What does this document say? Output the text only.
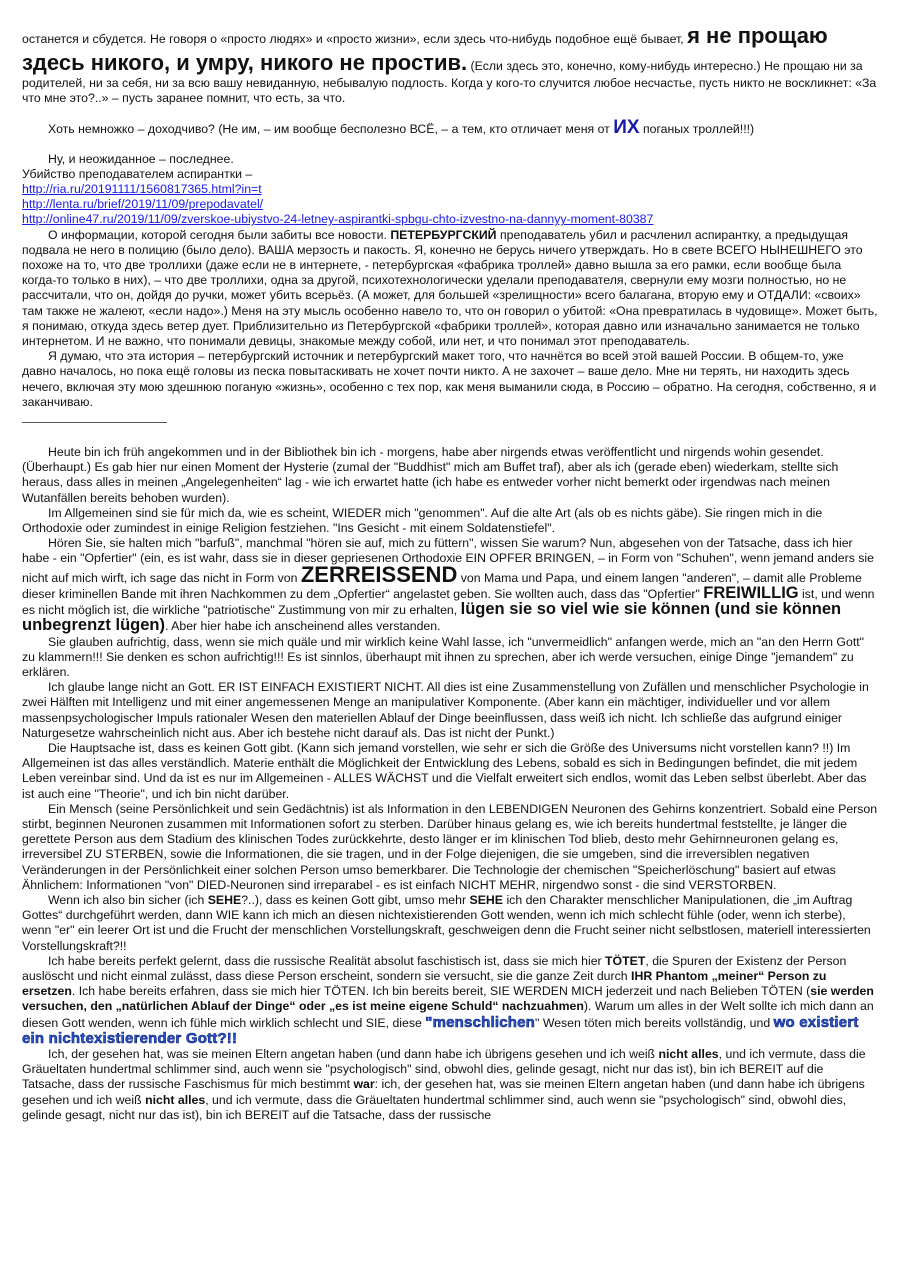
останется и сбудется. Не говоря о «просто людях» и «просто жизни», если здесь что-нибудь подобное ещё бывает, я не прощаю здесь никого, и умру, никого не простив. (Если здесь это, конечно, кому-нибудь интересно.) Не прощаю ни за родителей, ни за себя, ни за всю вашу невиданную, небывалую подлость. Когда у кого-то случится любое несчастье, пусть никто не воскликнет: «За что мне это?..» – пусть заранее помнит, что есть, за что.

Хоть немножко – доходчиво? (Не им, – им вообще бесполезно ВСЁ, – а тем, кто отличает меня от ИХ поганых троллей!!!)

Ну, и неожиданное – последнее.

Убийство преподавателем аспирантки –

http://ria.ru/20191111/1560817365.html?in=t

http://lenta.ru/brief/2019/11/09/prepodavatel/

http://online47.ru/2019/11/09/zverskoe-ubiystvo-24-letney-aspirantki-spbgu-chto-izvestno-na-dannyy-moment-80387

О информации, которой сегодня были забиты все новости. ПЕТЕРБУРГСКИЙ преподаватель убил и расчленил аспирантку, а предыдущая подвала не него в полицию (было дело). ВАША мерзость и пакость. Я, конечно не берусь ничего утверждать. Но в свете ВСЕГО НЫНЕШНЕГО это похоже на то, что две троллихи (даже если не в интернете, - петербургская «фабрика троллей» давно вышла за его рамки, если вообще была когда-то только в них), – что две троллихи, одна за другой, психотехнологически уделали преподавателя, свернули ему мозги полностью, но не рассчитали, что он, дойдя до ручки, может убить всерьёз. (А может, для большей «зрелищности» всего балагана, вторую ему и ОТДАЛИ: «своих» там также не жалеют, «если надо».) Меня на эту мысль особенно навело то, что он говорил о убитой: «Она превратилась в чудовище». Может быть, я понимаю, откуда здесь ветер дует. Приблизительно из Петербургской «фабрики троллей», которая давно или изначально занимается не только интернетом. И не важно, что понимали девицы, знакомые между собой, или нет, и что понимал этот преподаватель.

Я думаю, что эта история – петербургский источник и петербургский макет того, что начнётся во всей этой вашей России. В общем-то, уже давно началось, но пока ещё головы из песка повытаскивать не хочет почти никто. А не захочет – ваше дело. Мне ни терять, ни находить здесь нечего, включая эту мою здешнюю поганую «жизнь», особенно с тех пор, как меня выманили сюда, в Россию – обратно. На сегодня, собственно, я и заканчиваю.

Heute bin ich früh angekommen und in der Bibliothek bin ich - morgens, habe aber nirgends etwas veröffentlicht und nirgends wohin gesendet. (Überhaupt.) Es gab hier nur einen Moment der Hysterie (zumal der "Buddhist" mich am Buffet traf), aber als ich (gerade eben) wiederkam, stellte sich heraus, dass alles in meinen „Angelegenheiten“ lag - wie ich erwartet hatte (ich habe es entweder vorher nicht bemerkt oder irgendwas nach meinen Wutanfällen bereits behoben wurden).

Im Allgemeinen sind sie für mich da, wie es scheint, WIEDER mich "genommen". Auf die alte Art (als ob es nichts gäbe). Sie ringen mich in die Orthodoxie oder zumindest in einige Religion festziehen. "Ins Gesicht - mit einem Soldatenstiefel".

Hören Sie, sie halten mich "barfuß", manchmal "hören sie auf, mich zu füttern", wissen Sie warum? Nun, abgesehen von der Tatsache, dass ich hier habe - ein "Opfertier" (ein, es ist wahr, dass sie in dieser gepriesenen Orthodoxie EIN OPFER BRINGEN, – in Form von "Schuhen", wenn jemand anders sie nicht auf mich wirft, ich sage das nicht in Form von ZERREISSEND von Mama und Papa, und einem langen "anderen", – damit alle Probleme dieser kriminellen Bande mit ihren Nachkommen zu dem „Opfertier“ angelastet geben. Sie wollten auch, dass das "Opfertier" FREIWILLIG ist, und wenn es nicht möglich ist, die wirkliche "patriotische" Zustimmung von mir zu erhalten, lügen sie so viel wie sie können (und sie können unbegrenzt lügen). Aber hier habe ich anscheinend alles verstanden.

Sie glauben aufrichtig, dass, wenn sie mich quäle und mir wirklich keine Wahl lasse, ich "unvermeidlich" anfangen werde, mich an "an den Herrn Gott" zu klammern!!! Sie denken es schon aufrichtig!!! Es ist sinnlos, überhaupt mit ihnen zu sprechen, aber ich werde versuchen, einige Dinge "jemandem" zu erklären.

Ich glaube lange nicht an Gott. ER IST EINFACH EXISTIERT NICHT. All dies ist eine Zusammenstellung von Zufällen und menschlicher Psychologie in zwei Hälften mit Intelligenz und mit einer angemessenen Menge an manipulativer Komponente. (Aber kann ein mächtiger, individueller und vor allem massenpsychologischer Impuls rationaler Wesen den materiellen Ablauf der Dinge beeinflussen, dass weiß ich nicht. Ich schließe das aufgrund einiger Naturgesetze wahrscheinlich nicht aus. Aber ich bestehe nicht darauf als. Das ist nicht der Punkt.)

Die Hauptsache ist, dass es keinen Gott gibt. (Kann sich jemand vorstellen, wie sehr er sich die Größe des Universums nicht vorstellen kann? !!) Im Allgemeinen ist das alles verständlich. Materie enthält die Möglichkeit der Entwicklung des Lebens, sobald es sich in Bedingungen befindet, die mit jedem Leben vereinbar sind. Und da ist es nur im Allgemeinen - ALLES WÄCHST und die Vielfalt erweitert sich endlos, womit das Leben selbst überlebt. Aber das ist auch eine "Theorie", und ich bin nicht darüber.

Ein Mensch (seine Persönlichkeit und sein Gedächtnis) ist als Information in den LEBENDIGEN Neuronen des Gehirns konzentriert. Sobald eine Person stirbt, beginnen Neuronen zusammen mit Informationen sofort zu sterben. Darüber hinaus gelang es, wie ich bereits hundertmal feststellte, je länger die gerettete Person aus dem Stadium des klinischen Todes zurückkehrte, desto länger er im klinischen Tod blieb, desto mehr Gehirnneuronen gelang es, irreversibel ZU STERBEN, sowie die Informationen, die sie tragen, und in der Folge diejenigen, die sie umgeben, sind die irreversiblen negativen Veränderungen in der Persönlichkeit einer solchen Person umso bemerkbarer. Die Technologie der chemischen "Speicherlöschung" basiert auf etwas Ähnlichem: Informationen "von" DIED-Neuronen sind irreparabel - es ist einfach NICHT MEHR, nirgendwo sonst - die sind VERSTORBEN.

Wenn ich also bin sicher (ich SEHE?..), dass es keinen Gott gibt, umso mehr SEHE ich den Charakter menschlicher Manipulationen, die „im Auftrag Gottes“ durchgeführt werden, dann WIE kann ich mich an diesen nichtexistierenden Gott wenden, wenn ich mich schlecht fühle (oder, wenn ich sterbe), wenn "er" ein leerer Ort ist und die Frucht der menschlichen Vorstellungskraft, geschweigen denn die Frucht seiner nicht selbstlosen, materiell interessierten Vorstellungskraft?!!

Ich habe bereits perfekt gelernt, dass die russische Realität absolut faschistisch ist, dass sie mich hier TÖTET, die Spuren der Existenz der Person auslöscht und nicht einmal zulässt, dass diese Person erscheint, sondern sie versucht, sie die ganze Zeit durch IHR Phantom „meiner“ Person zu ersetzen. Ich habe bereits erfahren, dass sie mich hier TÖTEN. Ich bin bereits bereit, SIE WERDEN MICH jederzeit und nach Belieben TÖTEN (sie werden versuchen, den „natürlichen Ablauf der Dinge“ oder „es ist meine eigene Schuld“ nachzuahmen). Warum um alles in der Welt sollte ich mich dann an diesen Gott wenden, wenn ich fühle mich wirklich schlecht und SIE, diese "menschlichen" Wesen töten mich bereits vollständig, und wo existiert ein nichtexistierender Gott?!!

Ich, der gesehen hat, was sie meinen Eltern angetan haben (und dann habe ich übrigens gesehen und ich weiß nicht alles, und ich vermute, dass die Gräueltaten hundertmal schlimmer sind, auch wenn sie "psychologisch" sind, obwohl dies, gelinde gesagt, nicht nur das ist), bin ich BEREIT auf die Tatsache, dass der russische Faschismus für mich bestimmt war: ich, der gesehen hat, was sie meinen Eltern angetan haben (und dann habe ich übrigens gesehen und ich weiß nicht alles, und ich vermute, dass die Gräueltaten hundertmal schlimmer sind, auch wenn sie "psychologisch" sind, obwohl dies, gelinde gesagt, nicht nur das ist), bin ich BEREIT auf die Tatsache, dass der russische
